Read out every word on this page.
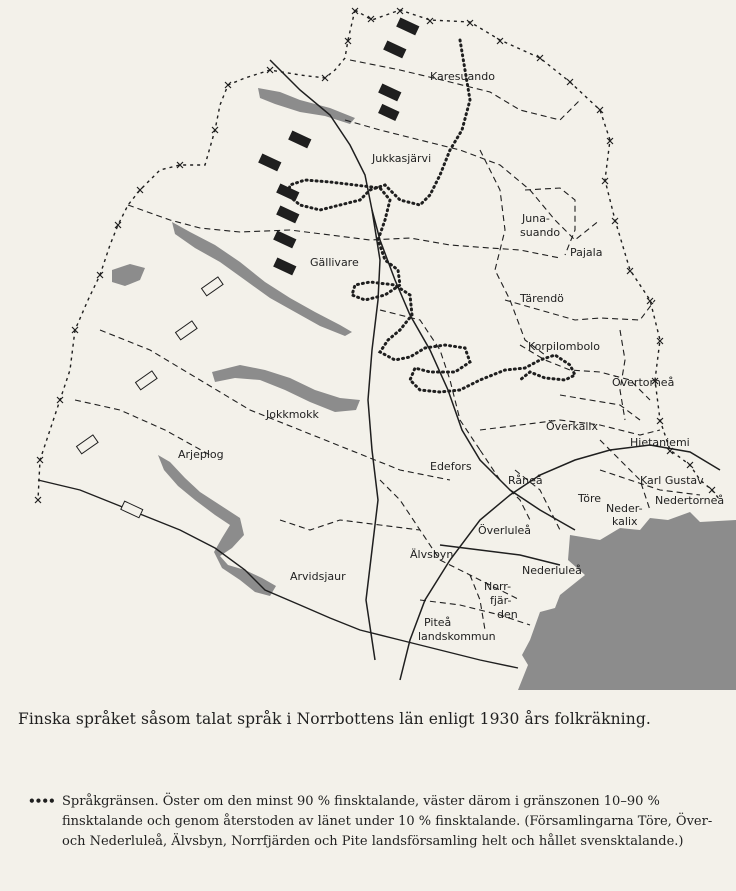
Karesuando
Jukkasjärvi
Juna-
suando
Pajala
Gällivare
Tärendö
Korpilombolo
Övertorneå
Överkalix
Hietaniemi
Jokkmokk
Karl Gustav
Nedertorneå
Arjeplog
Edefors
Råneå
Töre
Neder-
kalix
Överluleå
Älvsbyn
Nederluleå
Norr-
fjär-
den
Arvidsjaur
Piteå
landskommun
Finska språket såsom talat språk i Norrbottens län enligt 1930 års folkräkning.
•••• Språkgränsen. Öster om den minst 90 % finsktalande, väster därom i gränszonen 10–90 % finsktalande och genom återstoden av länet under 10 % finsktalande. (Församlingarna Töre, Över- och Nederluleå, Älvsbyn, Norrfjärden och Pite landsförsamling helt och hållet svensktalande.)
